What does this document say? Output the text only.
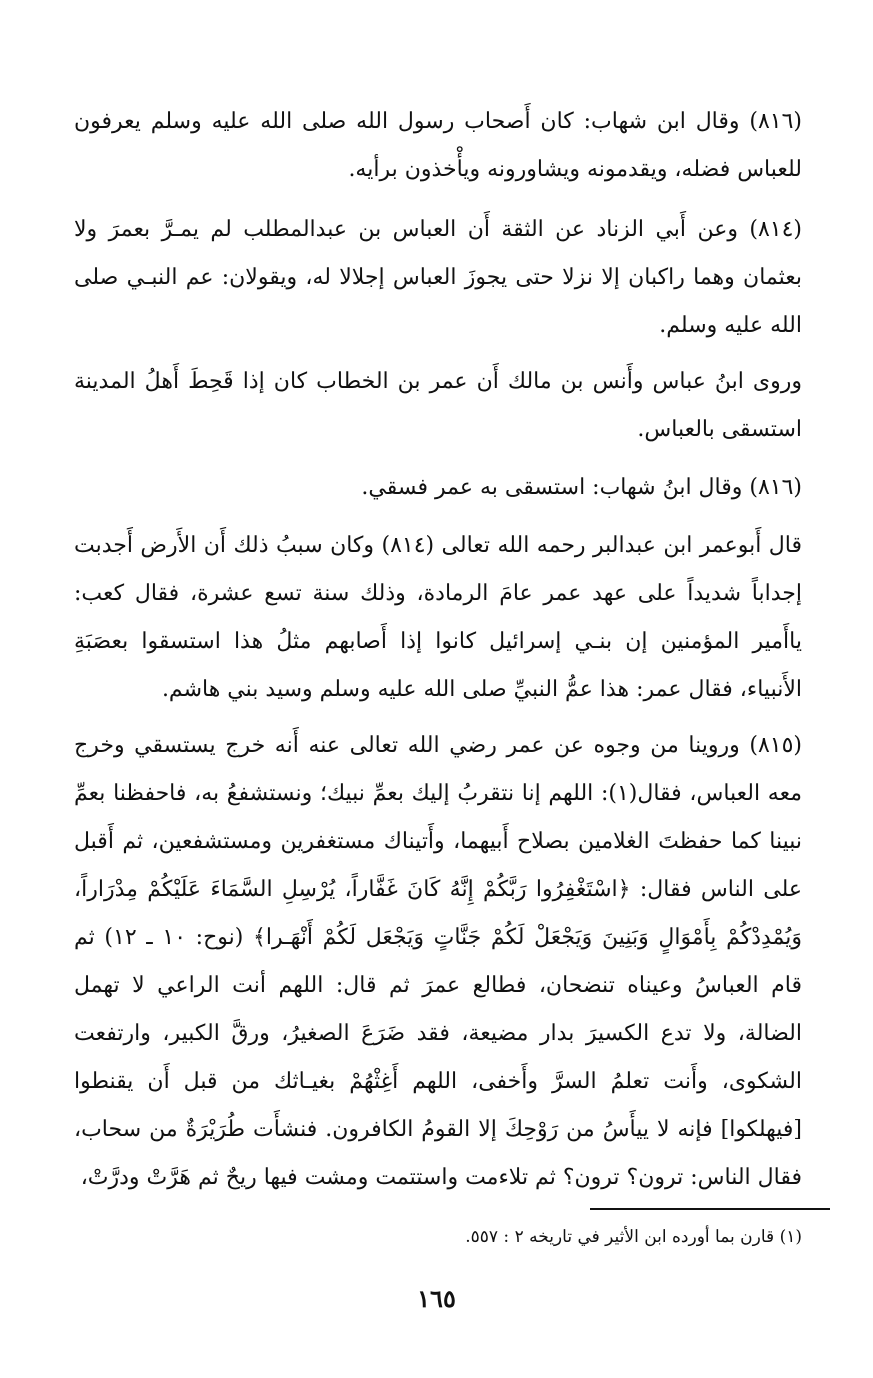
(٨١٦) وقال ابن شهاب: كان أَصحاب رسول الله صلى الله عليه وسلم يعرفون للعباس فضله، ويقدمونه ويشاورونه ويأْخذون برأيه.
(٨١٤) وعن أَبي الزناد عن الثقة أَن العباس بن عبدالمطلب لم يمـرَّ بعمرَ ولا بعثمان وهما راكبان إلا نزلا حتى يجوزَ العباس إجلالا له، ويقولان: عم النبـي صلى الله عليه وسلم.
وروى ابنُ عباس وأَنس بن مالك أَن عمر بن الخطاب كان إذا قَحِطَ أَهلُ المدينة استسقى بالعباس.
(٨١٦) وقال ابنُ شهاب: استسقى به عمر فسقي.
قال أَبوعمر ابن عبدالبر رحمه الله تعالى (٨١٤) وكان سببُ ذلك أَن الأَرض أَجدبت إجداباً شديداً على عهد عمر عامَ الرمادة، وذلك سنة تسع عشرة، فقال كعب: ياأَمير المؤمنين إن بنـي إسرائيل كانوا إذا أَصابهم مثلُ هذا استسقوا بعصَبَةِ الأَنبياء، فقال عمر: هذا عمُّ النبيِّ صلى الله عليه وسلم وسيد بني هاشم.
(٨١٥) وروينا من وجوه عن عمر رضي الله تعالى عنه أَنه خرج يستسقي وخرج معه العباس، فقال(١): اللهم إنا نتقربُ إليك بعمِّ نبيك؛ ونستشفعُ به، فاحفظنا بعمِّ نبينا كما حفظتَ الغلامين بصلاح أَبيهما، وأَتيناك مستغفرين ومستشفعين، ثم أَقبل على الناس فقال: ﴿اسْتَغْفِرُوا رَبَّكُمْ إِنَّهُ كَانَ غَفَّاراً، يُرْسِلِ السَّمَاءَ عَلَيْكُمْ مِدْرَاراً، وَيُمْدِدْكُمْ بِأَمْوَالٍ وَبَنِينَ وَيَجْعَلْ لَكُمْ جَنَّاتٍ وَيَجْعَل لَكُمْ أَنْهَـرا﴾ (نوح: ١٠ ـ ١٢) ثم قام العباسُ وعيناه تنضحان، فطالع عمرَ ثم قال: اللهم أنت الراعي لا تهمل الضالة، ولا تدع الكسيرَ بدار مضيعة، فقد ضَرَعَ الصغيرُ، ورقَّ الكبير، وارتفعت الشكوى، وأَنت تعلمُ السرَّ وأَخفى، اللهم أَغِثْهُمْ بغيـاثك من قبل أَن يقنطوا [فيهلكوا] فإنه لا ييأَسُ من رَوْحِكَ إلا القومُ الكافرون. فنشأَت طُرَيْرَةٌ من سحاب، فقال الناس: ترون؟ ترون؟ ثم تلاءمت واستتمت ومشت فيها ريحٌ ثم هَرَّتْ ودرَّتْ،
(١) قارن بما أورده ابن الأثير في تاريخه ٢ : ٥٥٧.
١٦٥
